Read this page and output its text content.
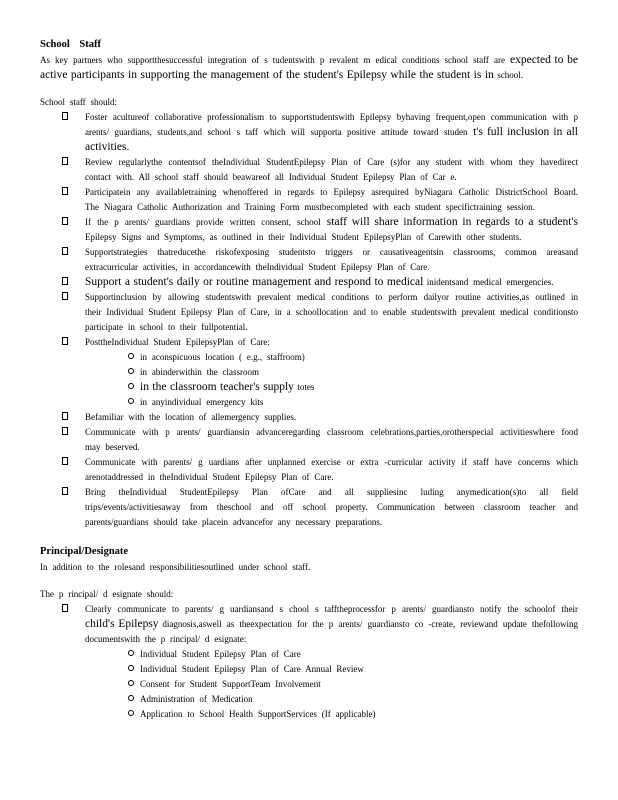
School Staff

As key partners who supportthesuccessful integration of s tudentswith p revalent m edical conditions school staff are expected to be active participants in supporting the management of the student's Epilepsy while the student is in school.

School staff should:

Foster acultureof collaborative professionalism to supportstudentswith Epilepsy byhaving frequent,open communication with p arents/ guardians, students,and school s taff which will supporta positive attitude toward studen t's full inclusion in all activities.
Review regularlythe contentsof theIndividual StudentEpilepsy Plan of Care (s)for any student with whom they havedirect contact with. All school staff should beawareof all Individual Student Epilepsy Plan of Car e.
Participatein any availabletraining whenoffered in regards to Epilepsy asrequired byNiagara Catholic DistrictSchool Board. The Niagara Catholic Authorization and Training Form mustbecompleted with each student specifictraining session.
If the p arents/ guardians provide written consent, school staff will share information in regards to a student's Epilepsy Signs and Symptoms, as outlined in their Individual Student EpilepsyPlan of Carewith other students.
Supportstrategies thatreducethe riskofexposing studentsto triggers or causativeagentsin classrooms, common areasand extracurricular activities, in accordancewith theIndividual Student Epilepsy Plan of Care.
Support a student's daily or routine management and respond to medical inidentsand medical emergencies.
Supportinclusion by allowing studentswith prevalent medical conditions to perform dailyor routine activities,as outlined in their Individual Student Epilepsy Plan of Care, in a schoollocation and to enable studentswith prevalent medical conditionsto participate in school to their fullpotential.
PosttheIndividual Student EpilepsyPlan of Care:
in aconspicuous location ( e.g., staffroom)
in abinderwithin the classroom
in the classroom teacher's supply totes
in anyindividual emergency kits
Befamiliar with the location of allemergency supplies.
Communicate with p arents/ guardiansin advanceregarding classroom celebrations,parties,orotherspecial activitieswhere food may beserved.
Communicate with parents/ g uardians after unplanned exercise or extra -curricular activity if staff have concerns which arenotaddressed in theIndividual Student Epilepsy Plan of Care.
Bring theIndividual StudentEpilepsy Plan ofCare and all suppliesinc luding anymedication(s)to all field trips/events/activitiesaway from theschool and off school property. Communication between classroom teacher and parents/guardians should take placein advancefor any necessary preparations.

Principal/Designate

In addition to the rolesand responsibilitiesoutlined under school staff.

The p rincipal/ d esignate should:

Clearly communicate to parents/ g uardiansand s chool s tafftheprocessfor p arents/ guardiansto notify the schoolof their child's Epilepsy diagnosis,aswell as theexpectation for the p arents/ guardiansto co -create, reviewand update thefollowing documentswith the p rincipal/ d esignate:
Individual Student Epilepsy Plan of Care
Individual Student Epilepsy Plan of Care Annual Review
Consent for Student SupportTeam Involvement
Administration of Medication
Application to School Health SupportServices (If applicable)
